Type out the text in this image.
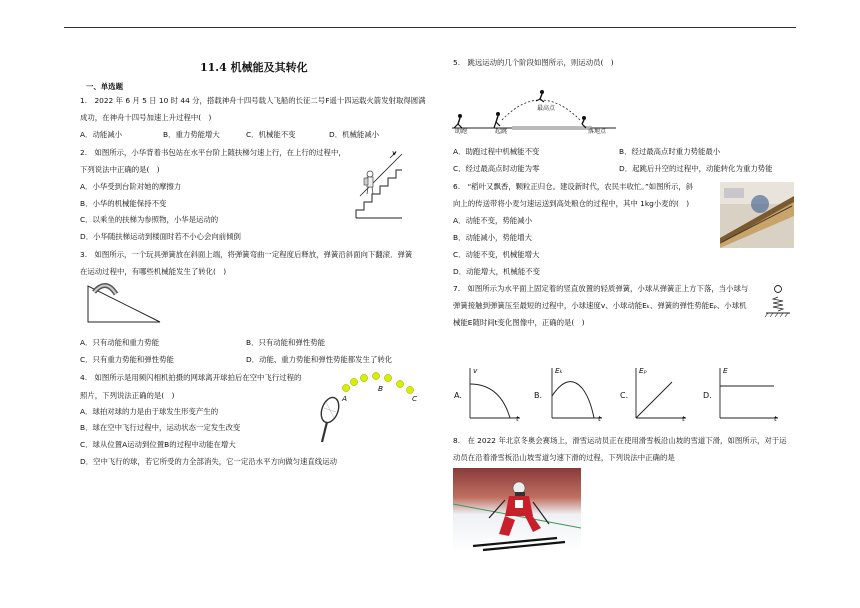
11.4 机械能及其转化
一、单选题
1.　2022 年 6 月 5 日 10 时 44 分，搭载神舟十四号载人飞船的长征二号F遥十四运载火箭发射取得圆满
成功，在神舟十四号加速上升过程中(　)
A．动能减小	B．重力势能增大	C．机械能不变	D．机械能减小
2.　如图所示，小华背着书包站在水平台阶上随扶梯匀速上行，在上行的过程中，
下列说法中正确的是(　)
A．小华受到台阶对她的摩擦力
B．小华的机械能保持不变
C．以乘坐的扶梯为参照物，小华是运动的
D．小华随扶梯运动到楼面时若不小心会向前倾倒
v
3.　如图所示，一个玩具弹簧放在斜面上端，将弹簧弯曲一定程度后释放，弹簧沿斜面向下翻滚．弹簧
在运动过程中，有哪些机械能发生了转化(　)
A．只有动能和重力势能	B．只有动能和弹性势能
C．只有重力势能和弹性势能	D．动能、重力势能和弹性势能都发生了转化
4.　如图所示是用频闪相机拍摄的网球离开球拍后在空中飞行过程的
照片，下列说法正确的是(　)
A．球拍对球的力是由于球发生形变产生的
B．球在空中飞行过程中，运动状态一定发生改变
C．球从位置A运动到位置B的过程中动能在增大
D．空中飞行的球，若它所受的力全部消失，它一定沿水平方向做匀速直线运动
A
B
C
5.　跳远运动的几个阶段如图所示，则运动员(　)
助跑	起跳
最高点
落地点
A．助跑过程中机械能不变	B．经过最高点时重力势能最小
C．经过最高点时动能为零	D．起跳后升空的过程中，动能转化为重力势能
6.　“稻叶又飘香，颗粒正归仓。建设新时代，农民丰收忙。”如图所示，斜
向上的传送带将小麦匀速运送到高处粮仓的过程中，其中 1kg小麦的(　)
A．动能不变，势能减小
B．动能减小，势能增大
C．动能不变，机械能增大
D．动能增大，机械能不变
7.　如图所示为水平面上固定着的竖直放置的轻质弹簧，小球从弹簧正上方下落，当小球与
弹簧接触到弹簧压至最短的过程中，小球速度v、小球动能Eₖ、弹簧的弹性势能Eₚ、小球机
械能E随时间t变化图像中，正确的是(　)
A.
v
t
B.
Eₖ
t
C.
Eₚ
t
D.
E
t
8.　在 2022 年北京冬奥会赛场上，滑雪运动员正在使用滑雪板沿山坡的雪道下滑，如图所示，对于运
动员在沿着滑雪板沿山坡雪道匀速下滑的过程，下列说法中正确的是
